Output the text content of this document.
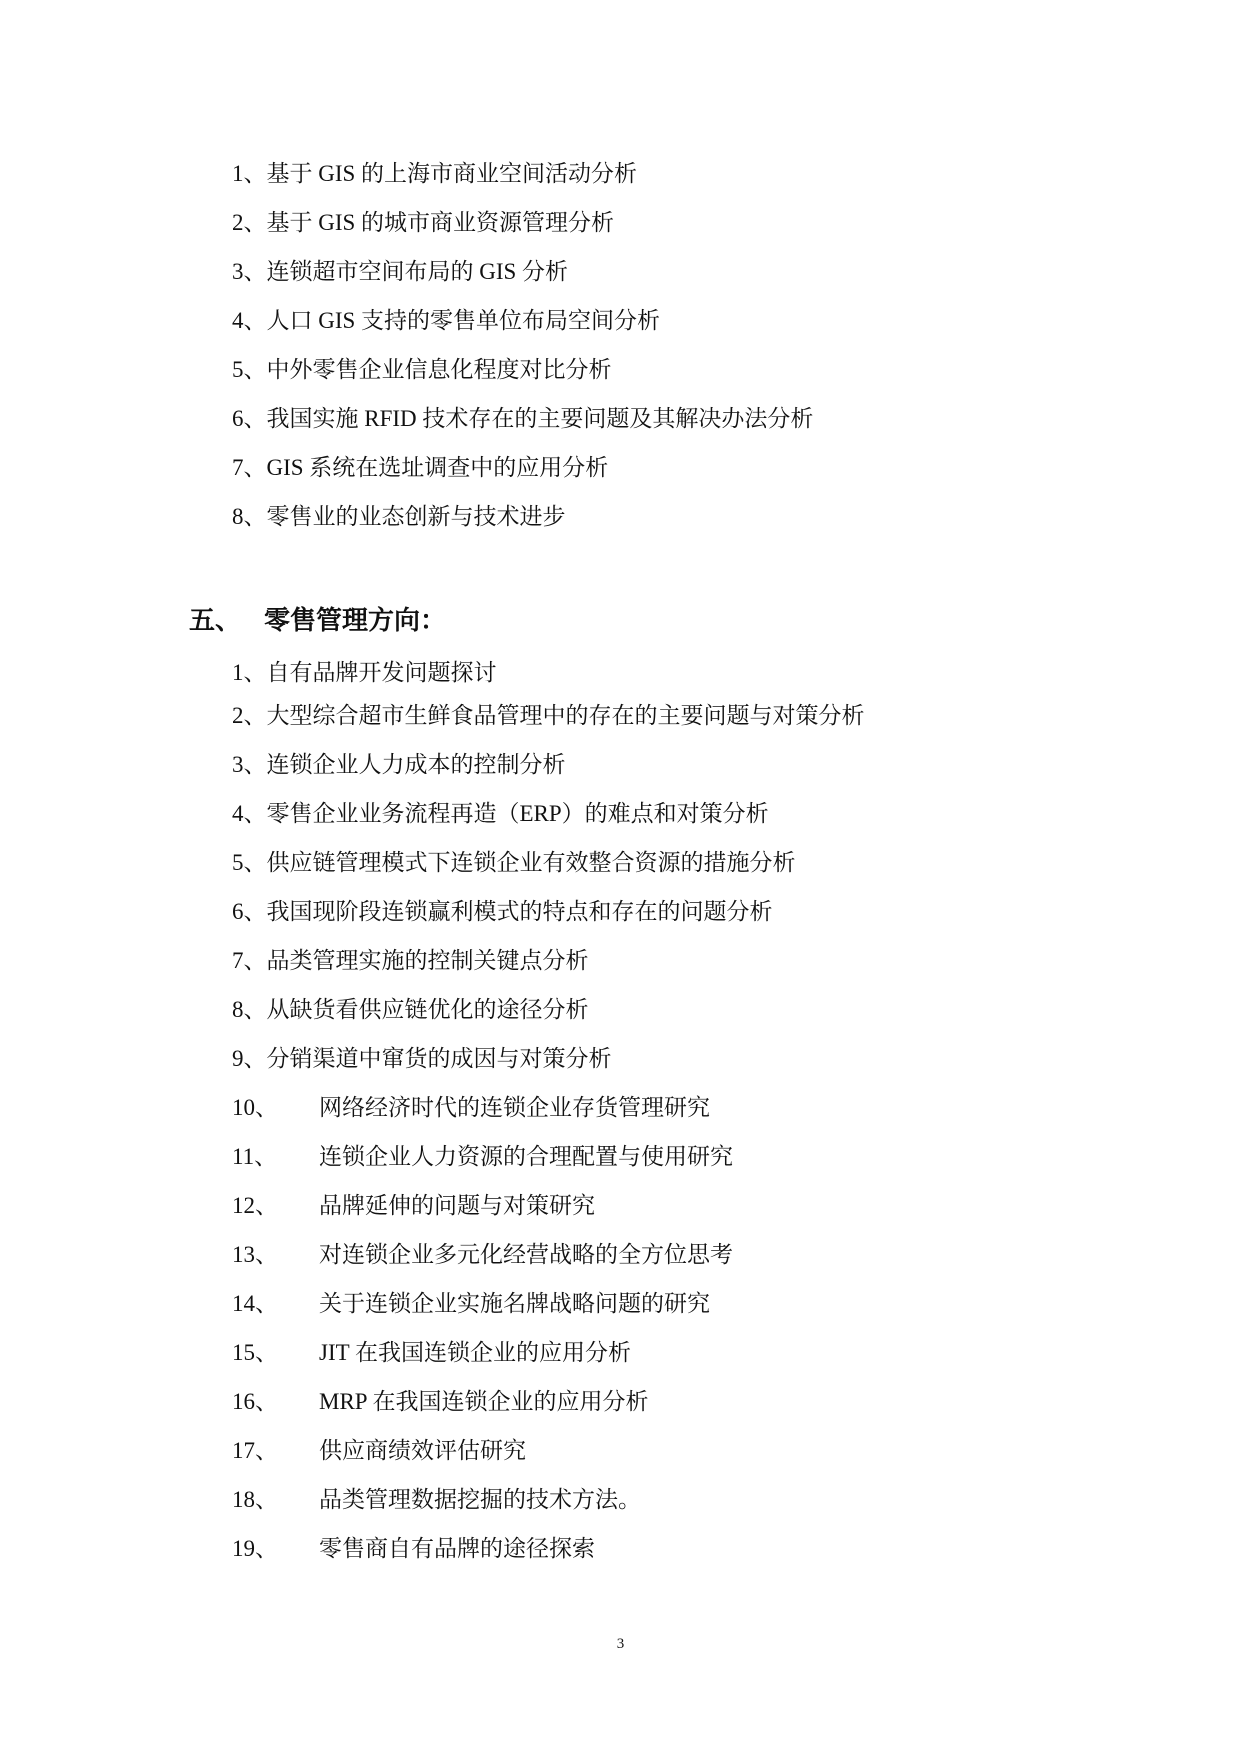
1、基于 GIS 的上海市商业空间活动分析
2、基于 GIS 的城市商业资源管理分析
3、连锁超市空间布局的 GIS 分析
4、人口 GIS 支持的零售单位布局空间分析
5、中外零售企业信息化程度对比分析
6、我国实施 RFID 技术存在的主要问题及其解决办法分析
7、GIS 系统在选址调查中的应用分析
8、零售业的业态创新与技术进步
五、 零售管理方向：
1、自有品牌开发问题探讨
2、大型综合超市生鲜食品管理中的存在的主要问题与对策分析
3、连锁企业人力成本的控制分析
4、零售企业业务流程再造（ERP）的难点和对策分析
5、供应链管理模式下连锁企业有效整合资源的措施分析
6、我国现阶段连锁赢利模式的特点和存在的问题分析
7、品类管理实施的控制关键点分析
8、从缺货看供应链优化的途径分析
9、分销渠道中窜货的成因与对策分析
10、 网络经济时代的连锁企业存货管理研究
11、 连锁企业人力资源的合理配置与使用研究
12、 品牌延伸的问题与对策研究
13、 对连锁企业多元化经营战略的全方位思考
14、 关于连锁企业实施名牌战略问题的研究
15、 JIT 在我国连锁企业的应用分析
16、 MRP 在我国连锁企业的应用分析
17、 供应商绩效评估研究
18、 品类管理数据挖掘的技术方法。
19、 零售商自有品牌的途径探索
3
